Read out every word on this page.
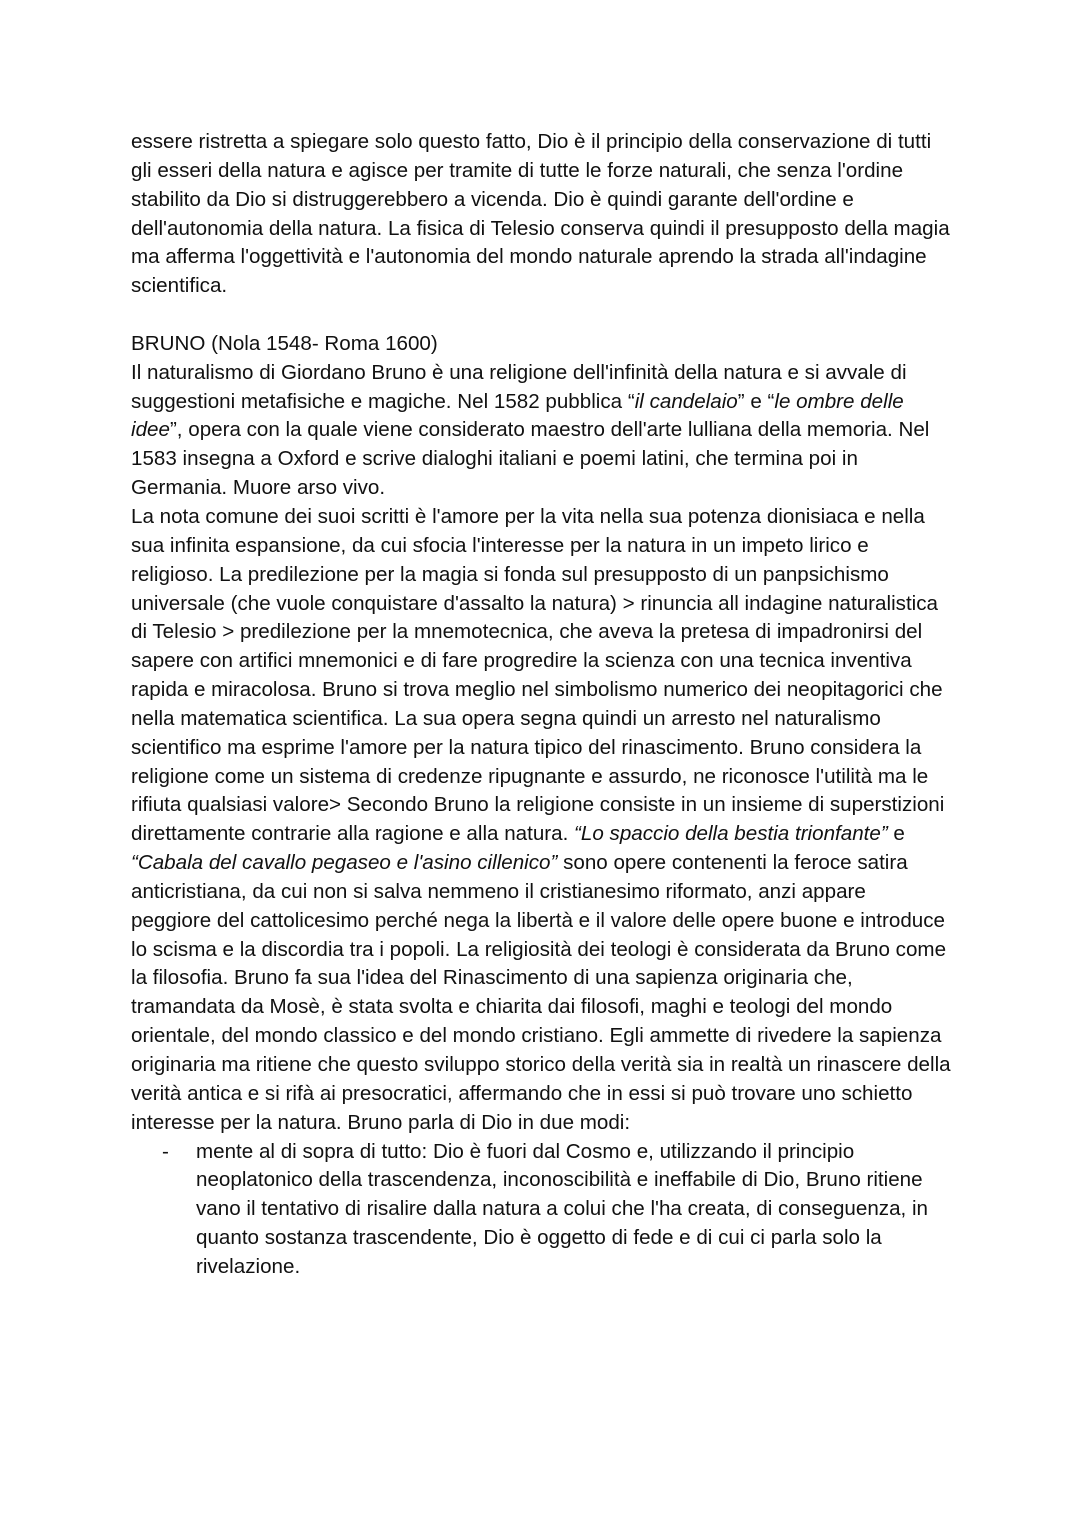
essere ristretta a spiegare solo questo fatto, Dio è il principio della conservazione di tutti gli esseri della natura e agisce per tramite di tutte le forze naturali, che senza l'ordine stabilito da Dio si distruggerebbero a vicenda. Dio è quindi garante dell'ordine e dell'autonomia della natura. La fisica di Telesio conserva quindi il presupposto della magia ma afferma l'oggettività e l'autonomia del mondo naturale aprendo la strada all'indagine scientifica.

BRUNO (Nola 1548- Roma 1600)

Il naturalismo di Giordano Bruno è una religione dell'infinità della natura e si avvale di suggestioni metafisiche e magiche. Nel 1582 pubblica “il candelaio” e “le ombre delle idee”, opera con la quale viene considerato maestro dell'arte lulliana della memoria. Nel 1583 insegna a Oxford e scrive dialoghi italiani e poemi latini, che termina poi in Germania. Muore arso vivo.

La nota comune dei suoi scritti è l'amore per la vita nella sua potenza dionisiaca e nella sua infinita espansione, da cui sfocia l'interesse per la natura in un impeto lirico e religioso. La predilezione per la magia si fonda sul presupposto di un panpsichismo universale (che vuole conquistare d'assalto la natura) > rinuncia all indagine naturalistica di Telesio > predilezione per la mnemotecnica, che aveva la pretesa di impadronirsi del sapere con artifici mnemonici e di fare progredire la scienza con una tecnica inventiva rapida e miracolosa. Bruno si trova meglio nel simbolismo numerico dei neopitagorici che nella matematica scientifica. La sua opera segna quindi un arresto nel naturalismo scientifico ma esprime l'amore per la natura tipico del rinascimento. Bruno considera la religione come un sistema di credenze ripugnante e assurdo, ne riconosce l'utilità ma le rifiuta qualsiasi valore> Secondo Bruno la religione consiste in un insieme di superstizioni direttamente contrarie alla ragione e alla natura. “Lo spaccio della bestia trionfante” e “Cabala del cavallo pegaseo e l'asino cillenico” sono opere contenenti la feroce satira anticristiana, da cui non si salva nemmeno il cristianesimo riformato, anzi appare peggiore del cattolicesimo perché nega la libertà e il valore delle opere buone e introduce lo scisma e la discordia tra i popoli. La religiosità dei teologi è considerata da Bruno come la filosofia. Bruno fa sua l'idea del Rinascimento di una sapienza originaria che, tramandata da Mosè, è stata svolta e chiarita dai filosofi, maghi e teologi del mondo orientale, del mondo classico e del mondo cristiano. Egli ammette di rivedere la sapienza originaria ma ritiene che questo sviluppo storico della verità sia in realtà un rinascere della verità antica e si rifà ai presocratici, affermando che in essi si può trovare uno schietto interesse per la natura. Bruno parla di Dio in due modi:

- mente al di sopra di tutto: Dio è fuori dal Cosmo e, utilizzando il principio neoplatonico della trascendenza, inconoscibilità e ineffabile di Dio, Bruno ritiene vano il tentativo di risalire dalla natura a colui che l'ha creata, di conseguenza, in quanto sostanza trascendente, Dio è oggetto di fede e di cui ci parla solo la rivelazione.
